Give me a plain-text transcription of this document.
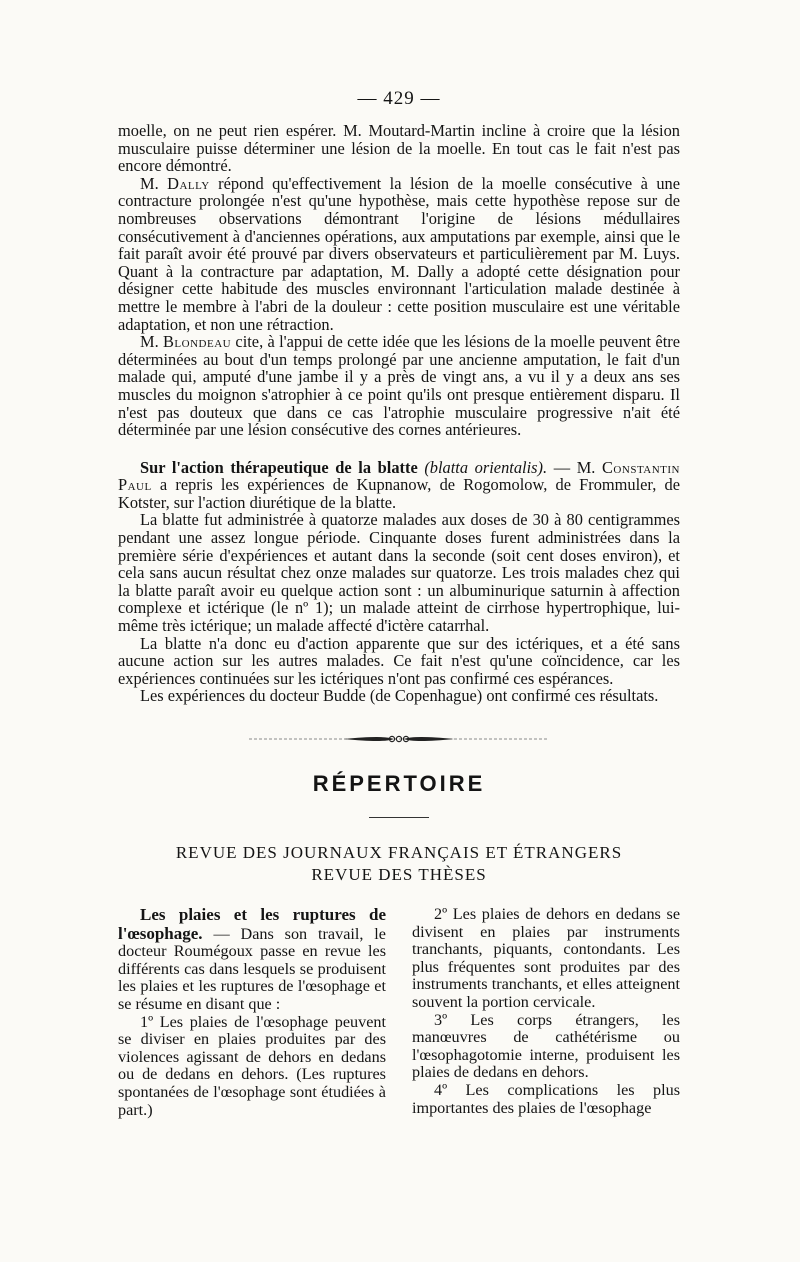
— 429 —

moelle, on ne peut rien espérer. M. Moutard-Martin incline à croire que la lésion musculaire puisse déterminer une lésion de la moelle. En tout cas le fait n'est pas encore démontré.

M. Dally répond qu'effectivement la lésion de la moelle consécutive à une contracture prolongée n'est qu'une hypothèse, mais cette hypothèse repose sur de nombreuses observations démontrant l'origine de lésions médullaires consécutivement à d'anciennes opérations, aux amputations par exemple, ainsi que le fait paraît avoir été prouvé par divers observateurs et particulièrement par M. Luys. Quant à la contracture par adaptation, M. Dally a adopté cette désignation pour désigner cette habitude des muscles environnant l'articulation malade destinée à mettre le membre à l'abri de la douleur : cette position musculaire est une véritable adaptation, et non une rétraction.

M. Blondeau cite, à l'appui de cette idée que les lésions de la moelle peuvent être déterminées au bout d'un temps prolongé par une ancienne amputation, le fait d'un malade qui, amputé d'une jambe il y a près de vingt ans, a vu il y a deux ans ses muscles du moignon s'atrophier à ce point qu'ils ont presque entièrement disparu. Il n'est pas douteux que dans ce cas l'atrophie musculaire progressive n'ait été déterminée par une lésion consécutive des cornes antérieures.

Sur l'action thérapeutique de la blatte (blatta orientalis). — M. Constantin Paul a repris les expériences de Kupnanow, de Rogomolow, de Frommuler, de Kotster, sur l'action diurétique de la blatte.

La blatte fut administrée à quatorze malades aux doses de 30 à 80 centigrammes pendant une assez longue période. Cinquante doses furent administrées dans la première série d'expériences et autant dans la seconde (soit cent doses environ), et cela sans aucun résultat chez onze malades sur quatorze. Les trois malades chez qui la blatte paraît avoir eu quelque action sont : un albuminurique saturnin à affection complexe et ictérique (le nº 1); un malade atteint de cirrhose hypertrophique, lui-même très ictérique; un malade affecté d'ictère catarrhal.

La blatte n'a donc eu d'action apparente que sur des ictériques, et a été sans aucune action sur les autres malades. Ce fait n'est qu'une coïncidence, car les expériences continuées sur les ictériques n'ont pas confirmé ces espérances.

Les expériences du docteur Budde (de Copenhague) ont confirmé ces résultats.

RÉPERTOIRE
REVUE DES JOURNAUX FRANÇAIS ET ÉTRANGERS
REVUE DES THÈSES

Les plaies et les ruptures de l'œsophage. — Dans son travail, le docteur Roumégoux passe en revue les différents cas dans lesquels se produisent les plaies et les ruptures de l'œsophage et se résume en disant que :

1º Les plaies de l'œsophage peuvent se diviser en plaies produites par des violences agissant de dehors en dedans ou de dedans en dehors. (Les ruptures spontanées de l'œsophage sont étudiées à part.)

2º Les plaies de dehors en dedans se divisent en plaies par instruments tranchants, piquants, contondants. Les plus fréquentes sont produites par des instruments tranchants, et elles atteignent souvent la portion cervicale.

3º Les corps étrangers, les manœuvres de cathétérisme ou l'œsophagotomie interne, produisent les plaies de dedans en dehors.

4º Les complications les plus importantes des plaies de l'œsophage
